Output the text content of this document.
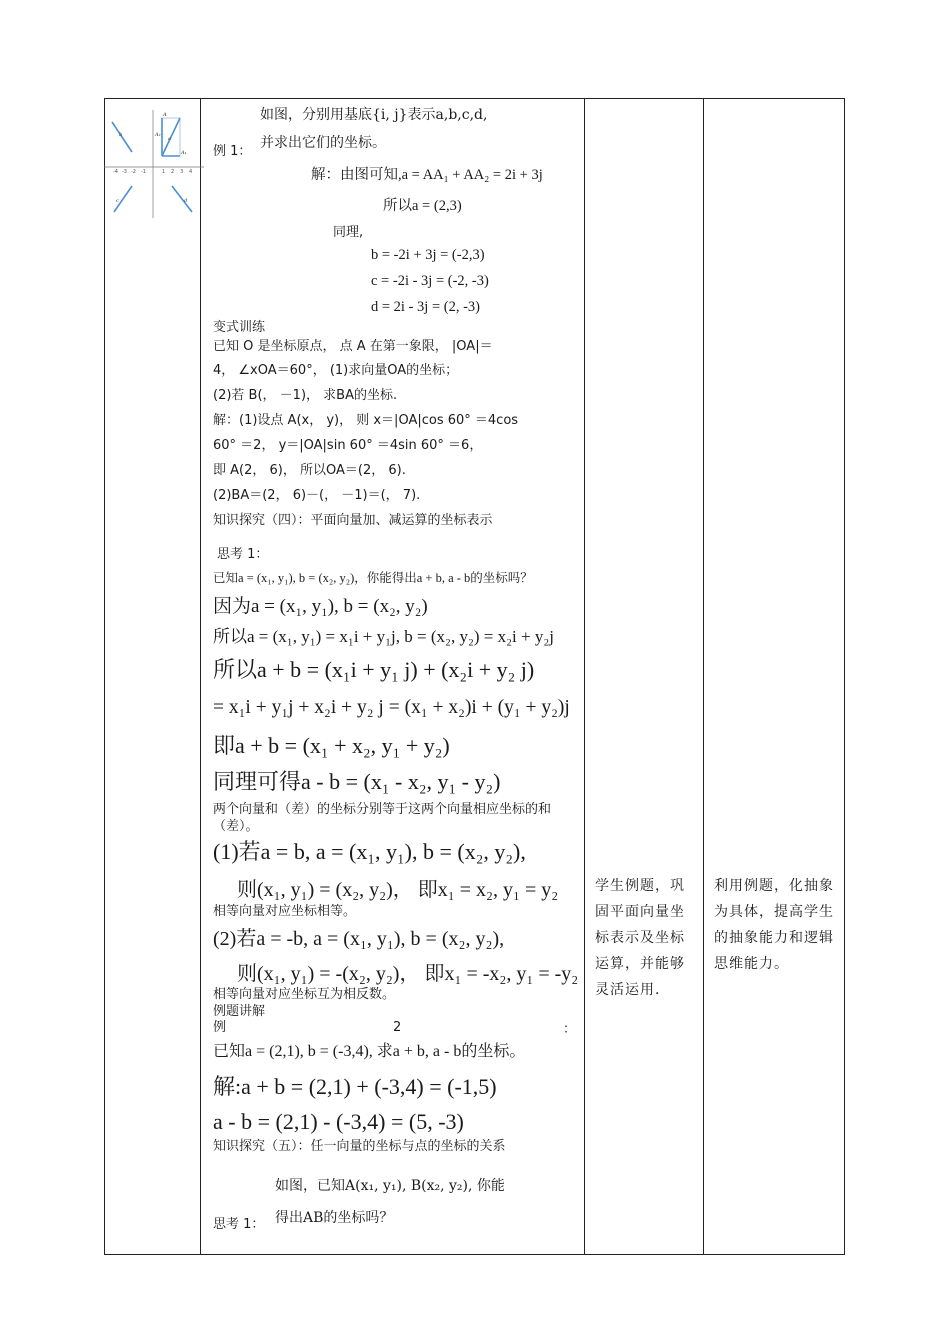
如图，分别用基底{i, j}表示a,b,c,d,
例 1：
并求出它们的坐标。
解：由图可知,a = AA₁ + AA₂ = 2i + 3j
所以a = (2,3)
同理,
b = -2i + 3j = (-2,3)
c = -2i - 3j = (-2, -3)
d = 2i - 3j = (2, -3)
变式训练
已知 O 是坐标原点， 点 A 在第一象限， |OA|＝
4， ∠xOA＝60°， (1)求向量OA的坐标；
(2)若 B(， －1)， 求BA的坐标.
解：(1)设点 A(x， y)， 则 x＝|OA|cos 60° ＝4cos
60° ＝2， y＝|OA|sin 60° ＝4sin 60° ＝6，
即 A(2， 6)， 所以OA＝(2， 6).
(2)BA＝(2， 6)－(， －1)＝(， 7).
知识探究（四）：平面向量加、减运算的坐标表示
思考 1：
已知a = (x₁, y₁), b = (x₂, y₂)，你能得出a + b, a - b的坐标吗？
因为a = (x₁, y₁), b = (x₂, y₂)
所以a = (x₁, y₁) = x₁i + y₁j, b = (x₂, y₂) = x₂i + y₂j
所以a + b = (x₁i + y₁ j) + (x₂i + y₂ j)
= x₁i + y₁j + x₂i + y₂ j = (x₁ + x₂)i + (y₁ + y₂)j
即a + b = (x₁ + x₂, y₁ + y₂)
同理可得a - b = (x₁ - x₂, y₁ - y₂)
两个向量和（差）的坐标分别等于这两个向量相应坐标的和（差）。
(1)若a = b, a = (x₁, y₁), b = (x₂, y₂),
则(x₁, y₁) = (x₂, y₂)， 即x₁ = x₂, y₁ = y₂
相等向量对应坐标相等。
(2)若a = -b, a = (x₁, y₁), b = (x₂, y₂),
则(x₁, y₁) = -(x₂, y₂)， 即x₁ = -x₂, y₁ = -y₂
相等向量对应坐标互为相反数。
例题讲解
例	2	：
已知a = (2,1), b = (-3,4), 求a + b, a - b的坐标。
解:a + b = (2,1) + (-3,4) = (-1,5)
a - b = (2,1) - (-3,4) = (5, -3)
知识探究（五）：任一向量的坐标与点的坐标的关系
如图，已知A(x₁, y₁), B(x₂, y₂), 你能
思考 1： 得出AB的坐标吗？
学生例题，巩固平面向量坐标表示及坐标运算，并能够灵活运用.
利用例题，化抽象为具体，提高学生的抽象能力和逻辑思维能力。
-4 -3 -2 -1	1 2 3 4
a
b
c	d
A
A₁
A₂
